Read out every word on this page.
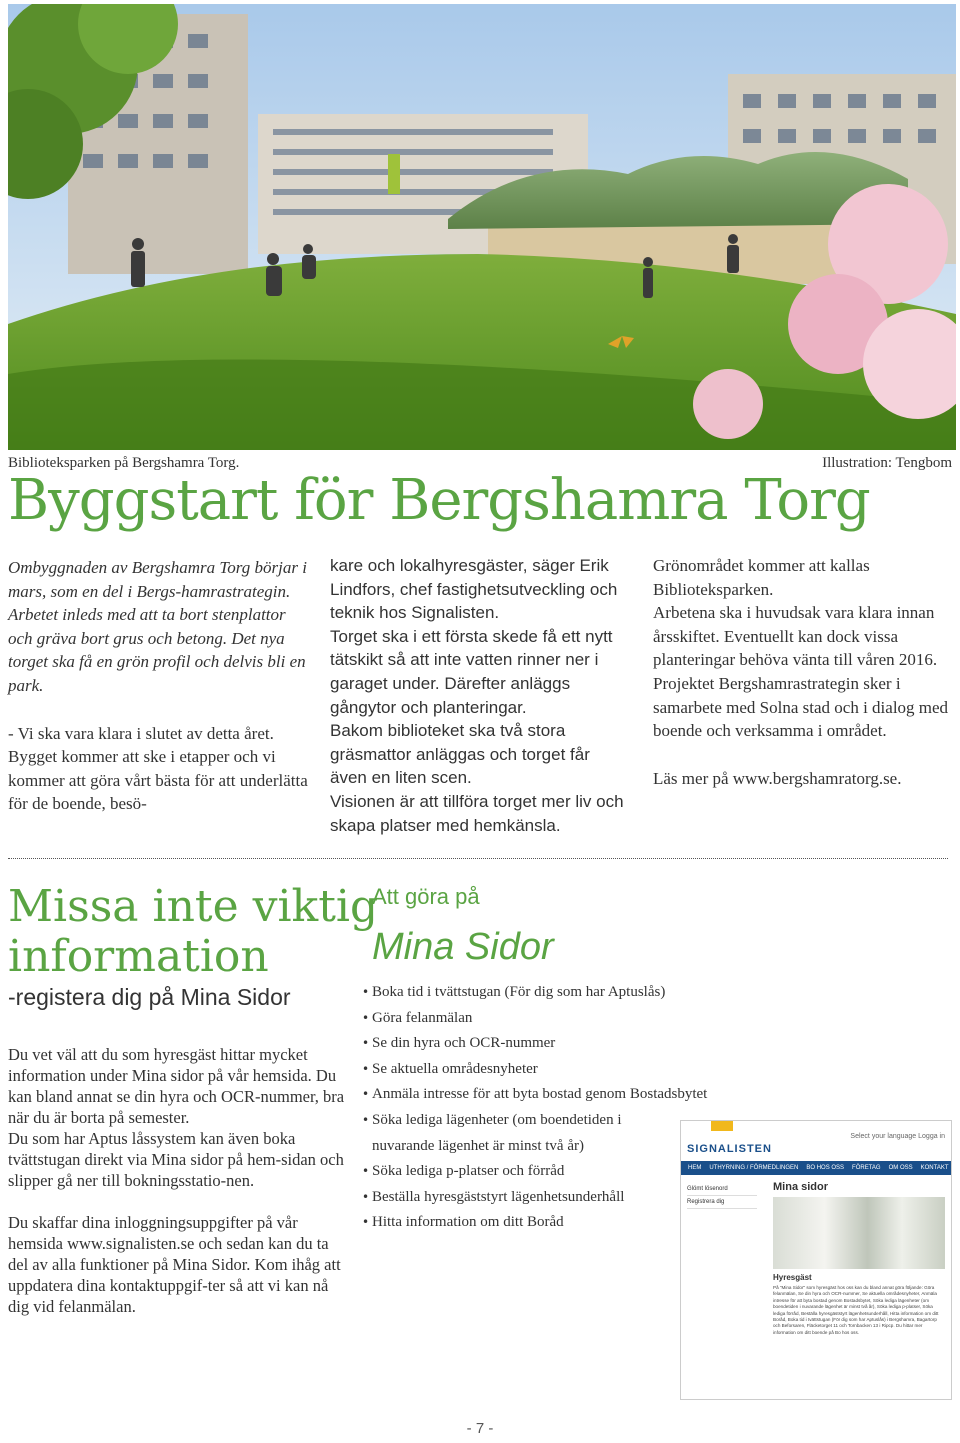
Biblioteksparken på Bergshamra Torg.	Illustration: Tengbom
Byggstart för Bergshamra Torg

Ombyggnaden av Bergshamra Torg börjar i mars, som en del i Bergs-hamrastrategin. Arbetet inleds med att ta bort stenplattor och gräva bort grus och betong. Det nya torget ska få en grön profil och delvis bli en park.

- Vi ska vara klara i slutet av detta året. Bygget kommer att ske i etapper och vi kommer att göra vårt bästa för att underlätta för de boende, besö-

kare och lokalhyresgäster, säger Erik Lindfors, chef fastighetsutveckling och teknik hos Signalisten.

Torget ska i ett första skede få ett nytt tätskikt så att inte vatten rinner ner i garaget under. Därefter anläggs gångytor och planteringar.

Bakom biblioteket ska två stora gräsmattor anläggas och torget får även en liten scen.

Visionen är att tillföra torget mer liv och skapa platser med hemkänsla.

Grönområdet kommer att kallas Biblioteksparken.

Arbetena ska i huvudsak vara klara innan årsskiftet. Eventuellt kan dock vissa planteringar behöva vänta till våren 2016.

Projektet Bergshamrastrategin sker i samarbete med Solna stad och i dialog med boende och verksamma i området.

Läs mer på www.bergshamratorg.se.

Missa inte viktig
information
-registera dig på Mina Sidor

Du vet väl att du som hyresgäst hittar mycket information under Mina sidor på vår hemsida. Du kan bland annat se din hyra och OCR-nummer, bra när du är borta på semester.

Du som har Aptus låssystem kan även boka tvättstugan direkt via Mina sidor på hem-sidan och slipper gå ner till bokningsstatio-nen.

Du skaffar dina inloggningsuppgifter på vår hemsida www.signalisten.se och sedan kan du ta del av alla funktioner på Mina Sidor. Kom ihåg att uppdatera dina kontaktuppgif-ter så att vi kan nå dig vid felanmälan.

Att göra på
Mina Sidor
• Boka tid i tvättstugan (För dig som har Aptuslås)
• Göra felanmälan
• Se din hyra och OCR-nummer
• Se aktuella områdesnyheter
• Anmäla intresse för att byta bostad genom Bostadsbytet
• Söka lediga lägenheter (om boendetiden i
nuvarande lägenhet är minst två år)
• Söka lediga p-platser och förråd
• Beställa hyresgäststyrt lägenhetsunderhåll
• Hitta information om ditt Boråd
SIGNALISTEN
Select your language Logga in
HEM	UTHYRNING / FÖRMEDLINGEN	BO HOS OSS	FÖRETAG	OM OSS	KONTAKT
Glömt lösenord
Registrera dig
Mina sidor
Hyresgäst
På "Mina Sidor" som hyresgäst hos oss kan du bland annat göra följande: Göra felanmälan, Se din hyra och OCR-nummer, Se aktuella områdesnyheter, Anmäla intresse för att byta bostad genom Bostadsbytet, Söka lediga lägenheter (om boendetiden i nuvarande lägenhet är minst två år), Söka lediga p-platser, Söka lediga förråd, Beställa hyresgäststyrt lägenhetsunderhåll, Hitta information om ditt Boråd, Boka tid i tvättstugan (För dig som har Aptuslås) i Bergshamra, Bagartorp och Beforsaren, Fläcketorget 11 och Tornbacken 13 i Ripcp. Du hittar mer information om ditt boende på Bo hos oss.
- 7 -
